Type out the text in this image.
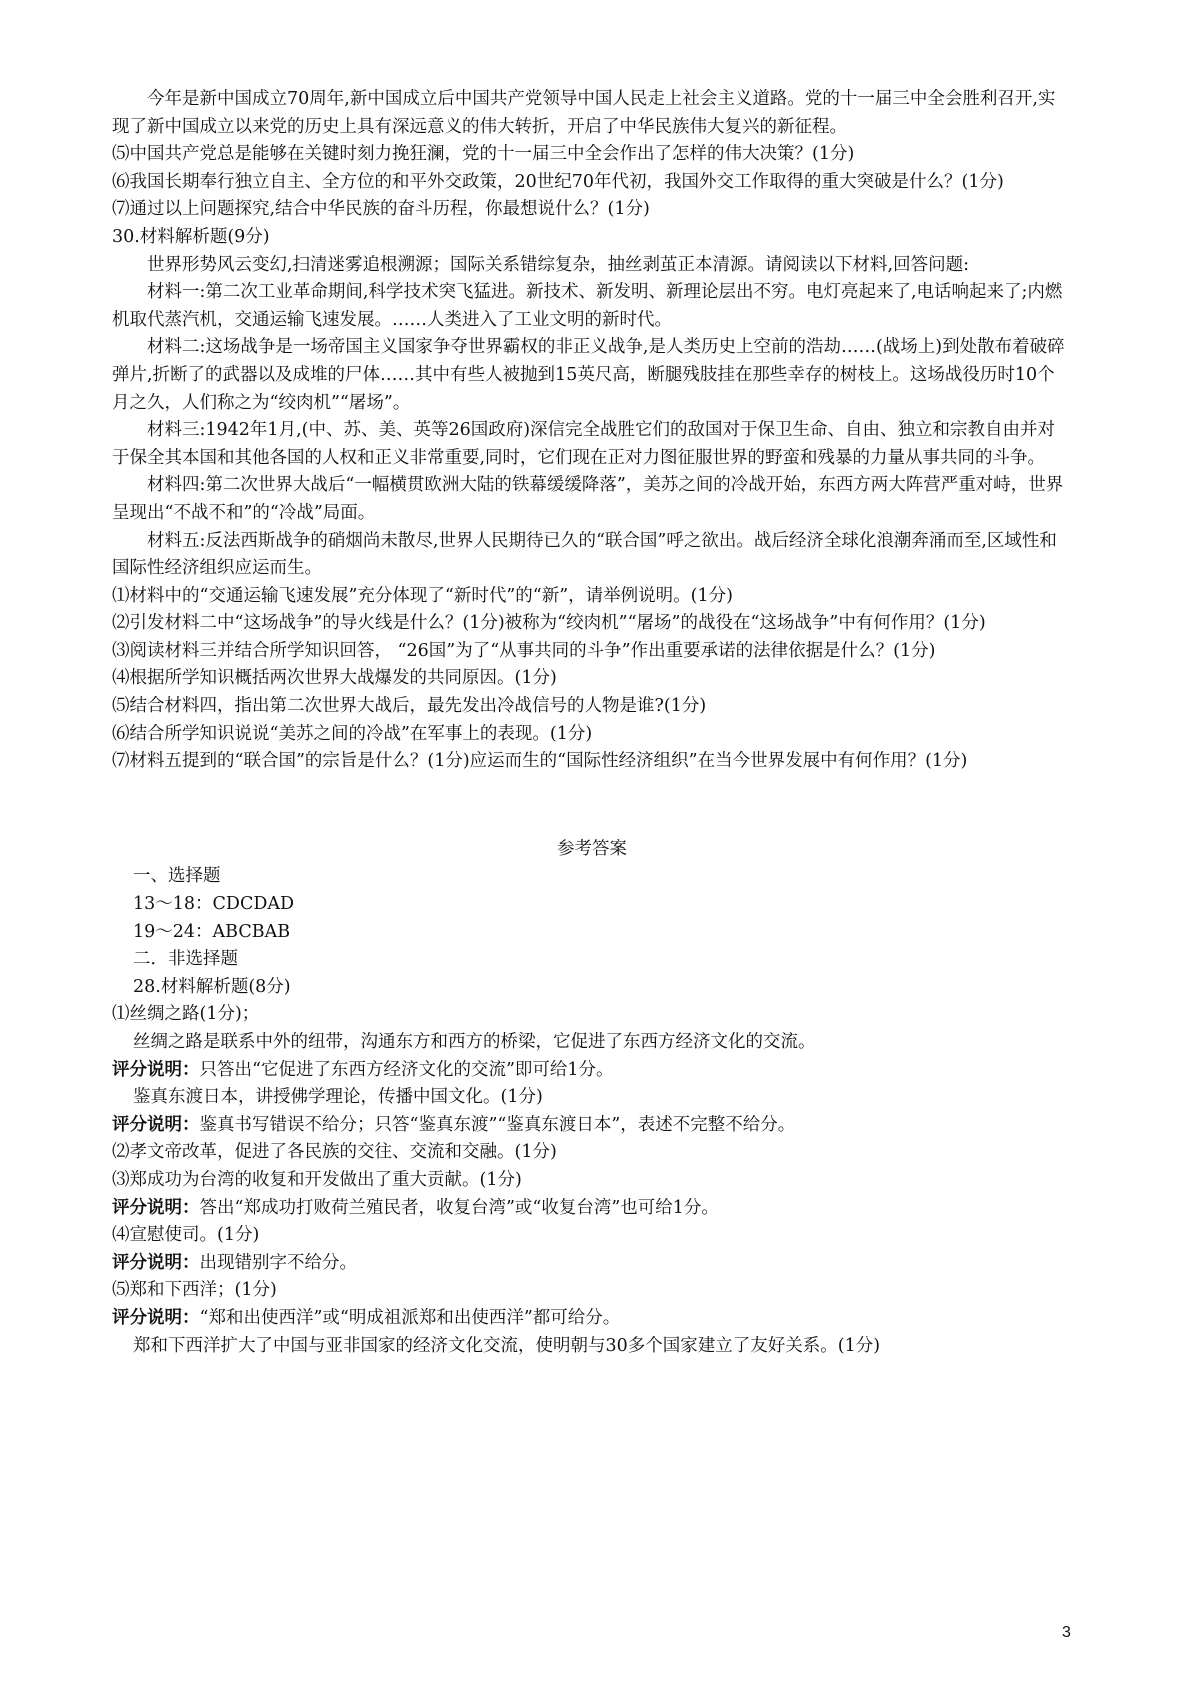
今年是新中国成立70周年,新中国成立后中国共产党领导中国人民走上社会主义道路。党的十一届三中全会胜利召开,实现了新中国成立以来党的历史上具有深远意义的伟大转折，开启了中华民族伟大复兴的新征程。

⑸中国共产党总是能够在关键时刻力挽狂澜，党的十一届三中全会作出了怎样的伟大决策？(1分)

⑹我国长期奉行独立自主、全方位的和平外交政策，20世纪70年代初，我国外交工作取得的重大突破是什么？(1分)

⑺通过以上问题探究,结合中华民族的奋斗历程，你最想说什么？(1分)

30.材料解析题(9分)

世界形势风云变幻,扫清迷雾追根溯源；国际关系错综复杂，抽丝剥茧正本清源。请阅读以下材料,回答问题:

材料一:第二次工业革命期间,科学技术突飞猛进。新技术、新发明、新理论层出不穷。电灯亮起来了,电话响起来了;内燃机取代蒸汽机，交通运输飞速发展。……人类进入了工业文明的新时代。

材料二:这场战争是一场帝国主义国家争夺世界霸权的非正义战争,是人类历史上空前的浩劫……(战场上)到处散布着破碎弹片,折断了的武器以及成堆的尸体……其中有些人被抛到15英尺高，断腿残肢挂在那些幸存的树枝上。这场战役历时10个月之久，人们称之为“绞肉机”“屠场”。

材料三:1942年1月,(中、苏、美、英等26国政府)深信完全战胜它们的敌国对于保卫生命、自由、独立和宗教自由并对于保全其本国和其他各国的人权和正义非常重要,同时，它们现在正对力图征服世界的野蛮和残暴的力量从事共同的斗争。

材料四:第二次世界大战后“一幅横贯欧洲大陆的铁幕缓缓降落”，美苏之间的冷战开始，东西方两大阵营严重对峙，世界呈现出“不战不和”的“冷战”局面。

材料五:反法西斯战争的硝烟尚未散尽,世界人民期待已久的“联合国”呼之欲出。战后经济全球化浪潮奔涌而至,区域性和国际性经济组织应运而生。

⑴材料中的“交通运输飞速发展”充分体现了“新时代”的“新”，请举例说明。(1分)

⑵引发材料二中“这场战争”的导火线是什么？(1分)被称为“绞肉机”“屠场”的战役在“这场战争”中有何作用？(1分)

⑶阅读材料三并结合所学知识回答， “26国”为了“从事共同的斗争”作出重要承诺的法律依据是什么？(1分)

⑷根据所学知识概括两次世界大战爆发的共同原因。(1分)

⑸结合材料四，指出第二次世界大战后，最先发出冷战信号的人物是谁?(1分)

⑹结合所学知识说说“美苏之间的冷战”在军事上的表现。(1分)

⑺材料五提到的“联合国”的宗旨是什么？(1分)应运而生的“国际性经济组织”在当今世界发展中有何作用？(1分)

参考答案

一、选择题

13～18：CDCDAD

19～24：ABCBAB

二．非选择题

28.材料解析题(8分)

⑴丝绸之路(1分)；

丝绸之路是联系中外的纽带，沟通东方和西方的桥梁，它促进了东西方经济文化的交流。

评分说明：只答出“它促进了东西方经济文化的交流”即可给1分。

鉴真东渡日本，讲授佛学理论，传播中国文化。(1分)

评分说明：鉴真书写错误不给分；只答“鉴真东渡”“鉴真东渡日本”，表述不完整不给分。

⑵孝文帝改革，促进了各民族的交往、交流和交融。(1分)

⑶郑成功为台湾的收复和开发做出了重大贡献。(1分)

评分说明：答出“郑成功打败荷兰殖民者，收复台湾”或“收复台湾”也可给1分。

⑷宣慰使司。(1分)

评分说明：出现错别字不给分。

⑸郑和下西洋；(1分)

评分说明：“郑和出使西洋”或“明成祖派郑和出使西洋”都可给分。

郑和下西洋扩大了中国与亚非国家的经济文化交流，使明朝与30多个国家建立了友好关系。(1分)

3
